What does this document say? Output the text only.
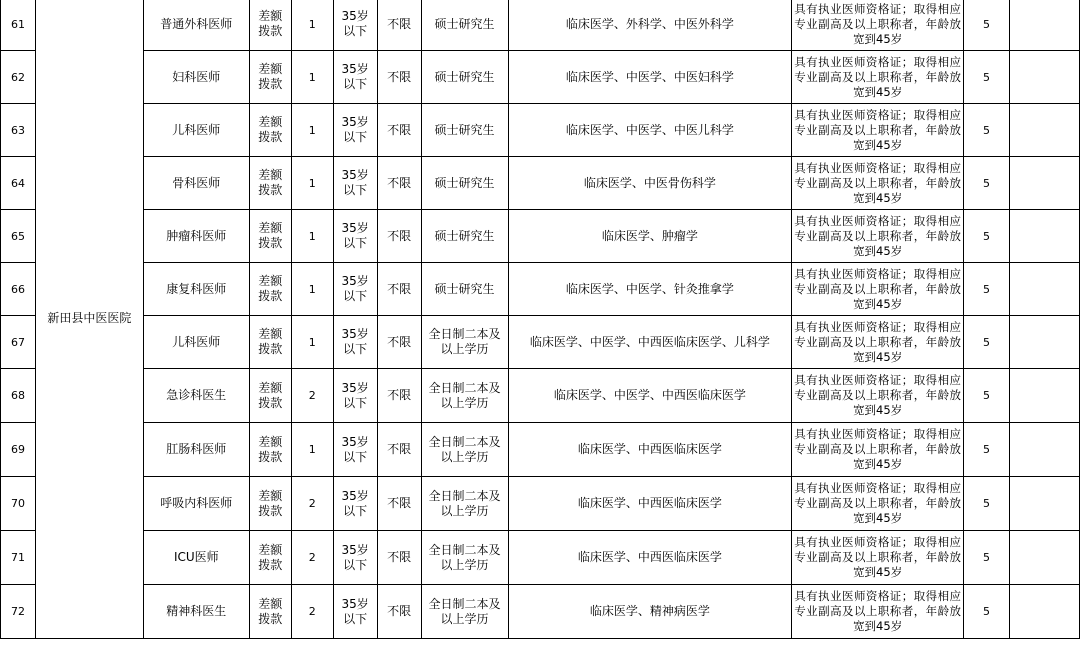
61	新田县中医医院	普通外科医师	差额拨款	1	35岁以下	不限	硕士研究生	临床医学、外科学、中医外科学	具有执业医师资格证；取得相应专业副高及以上职称者，年龄放宽到45岁	5	
62		妇科医师	差额拨款	1	35岁以下	不限	硕士研究生	临床医学、中医学、中医妇科学	具有执业医师资格证；取得相应专业副高及以上职称者，年龄放宽到45岁	5	
63		儿科医师	差额拨款	1	35岁以下	不限	硕士研究生	临床医学、中医学、中医儿科学	具有执业医师资格证；取得相应专业副高及以上职称者，年龄放宽到45岁	5	
64		骨科医师	差额拨款	1	35岁以下	不限	硕士研究生	临床医学、中医骨伤科学	具有执业医师资格证；取得相应专业副高及以上职称者，年龄放宽到45岁	5	
65		肿瘤科医师	差额拨款	1	35岁以下	不限	硕士研究生	临床医学、肿瘤学	具有执业医师资格证；取得相应专业副高及以上职称者，年龄放宽到45岁	5	
66		康复科医师	差额拨款	1	35岁以下	不限	硕士研究生	临床医学、中医学、针灸推拿学	具有执业医师资格证；取得相应专业副高及以上职称者，年龄放宽到45岁	5	
67		儿科医师	差额拨款	1	35岁以下	不限	全日制二本及以上学历	临床医学、中医学、中西医临床医学、儿科学	具有执业医师资格证；取得相应专业副高及以上职称者，年龄放宽到45岁	5	
68		急诊科医生	差额拨款	2	35岁以下	不限	全日制二本及以上学历	临床医学、中医学、中西医临床医学	具有执业医师资格证；取得相应专业副高及以上职称者，年龄放宽到45岁	5	
69		肛肠科医师	差额拨款	1	35岁以下	不限	全日制二本及以上学历	临床医学、中西医临床医学	具有执业医师资格证；取得相应专业副高及以上职称者，年龄放宽到45岁	5	
70		呼吸内科医师	差额拨款	2	35岁以下	不限	全日制二本及以上学历	临床医学、中西医临床医学	具有执业医师资格证；取得相应专业副高及以上职称者，年龄放宽到45岁	5	
71		ICU医师	差额拨款	2	35岁以下	不限	全日制二本及以上学历	临床医学、中西医临床医学	具有执业医师资格证；取得相应专业副高及以上职称者，年龄放宽到45岁	5	
72		精神科医生	差额拨款	2	35岁以下	不限	全日制二本及以上学历	临床医学、精神病医学	具有执业医师资格证；取得相应专业副高及以上职称者，年龄放宽到45岁	5	
